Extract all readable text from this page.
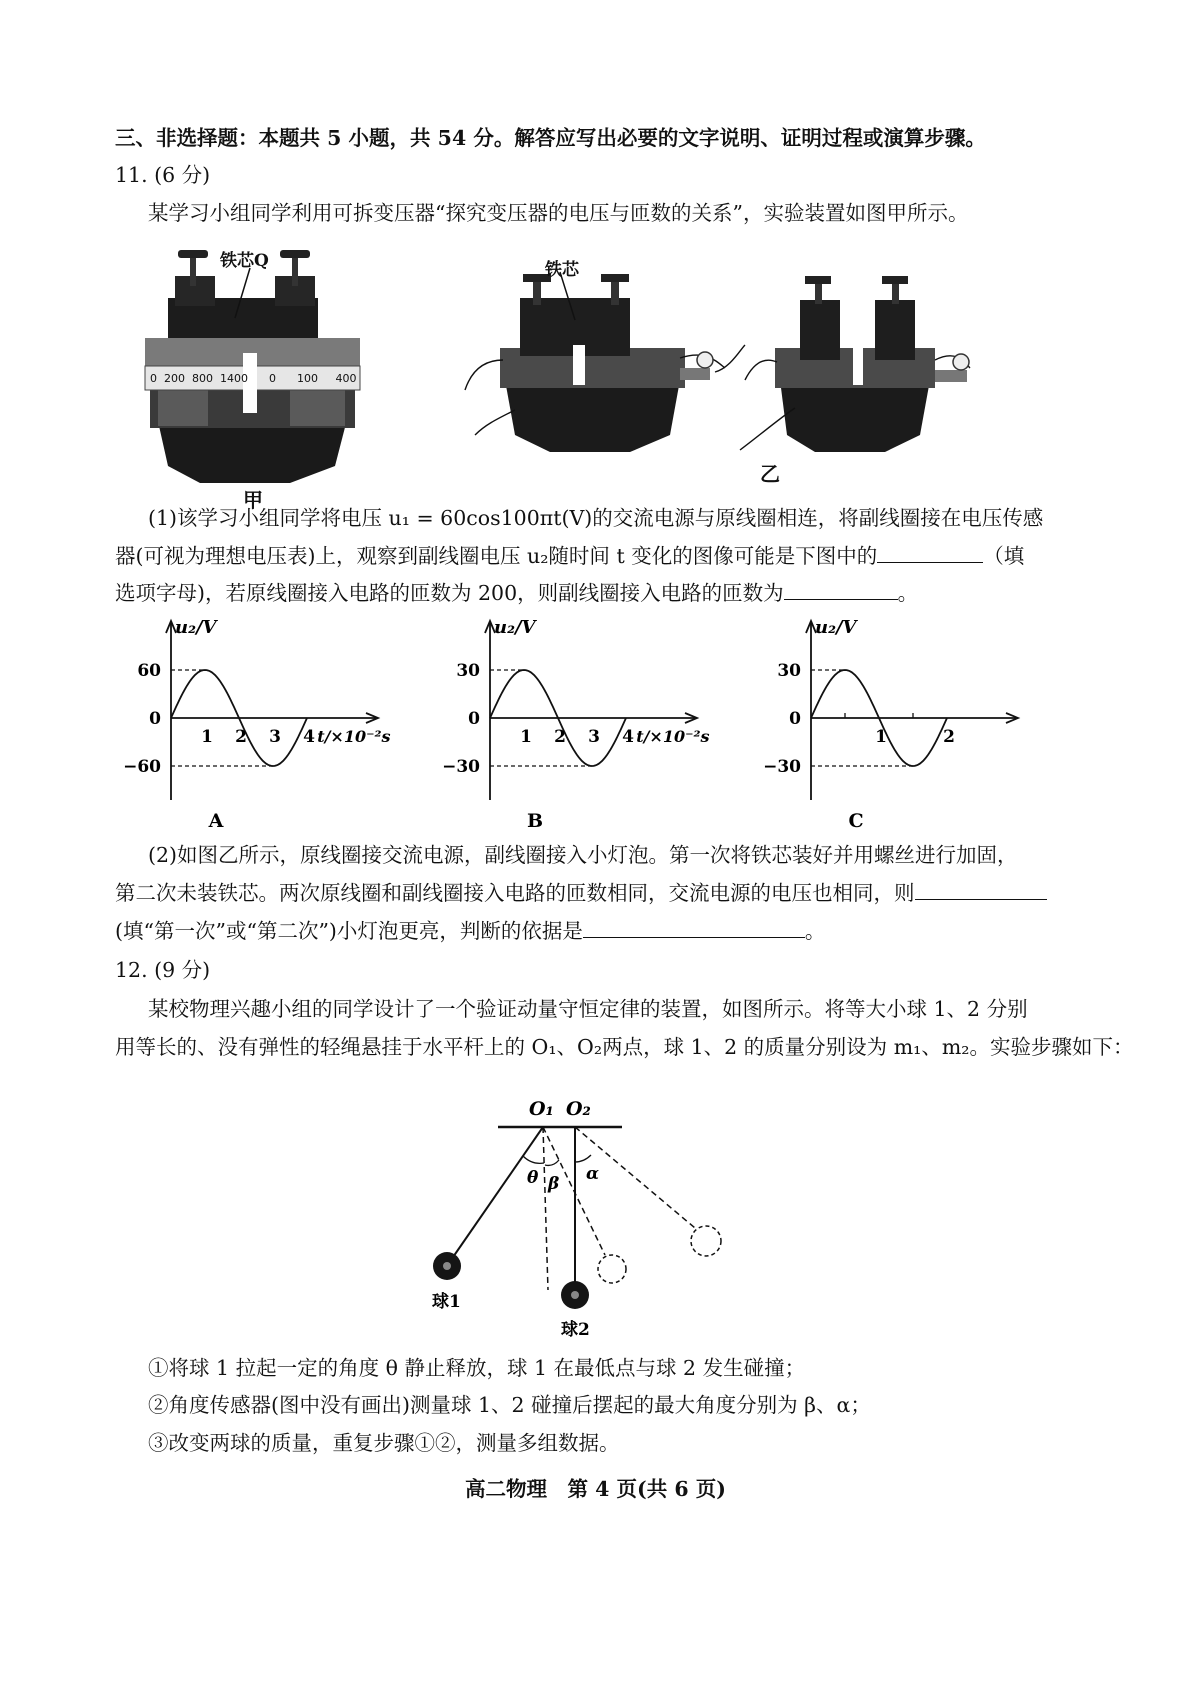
三、非选择题：本题共 5 小题，共 54 分。解答应写出必要的文字说明、证明过程或演算步骤。
11. (6 分)
某学习小组同学利用可拆变压器“探究变压器的电压与匝数的关系”，实验装置如图甲所示。
铁芯Q
0 200 800 1400 0 100 400
甲
铁芯
乙
(1)该学习小组同学将电压 u₁ = 60cos100πt(V)的交流电源与原线圈相连，将副线圈接在电压传感
器(可视为理想电压表)上，观察到副线圈电压 u₂随时间 t 变化的图像可能是下图中的	（填
选项字母)，若原线圈接入电路的匝数为 200，则副线圈接入电路的匝数为	。
60
0
−60
1 2 3 4
u₂/V
t/×10⁻²s
A
30
0
−30
1 2 3 4
u₂/V
t/×10⁻²s
B
30
0
−30
1	2
u₂/V
C
(2)如图乙所示，原线圈接交流电源，副线圈接入小灯泡。第一次将铁芯装好并用螺丝进行加固，
第二次未装铁芯。两次原线圈和副线圈接入电路的匝数相同，交流电源的电压也相同，则
(填“第一次”或“第二次”)小灯泡更亮，判断的依据是	。
12. (9 分)
某校物理兴趣小组的同学设计了一个验证动量守恒定律的装置，如图所示。将等大小球 1、2 分别
用等长的、没有弹性的轻绳悬挂于水平杆上的 O₁、O₂两点，球 1、2 的质量分别设为 m₁、m₂。实验步骤如下：
O₁ O₂
θ β α
球1
球2
①将球 1 拉起一定的角度 θ 静止释放，球 1 在最低点与球 2 发生碰撞；
②角度传感器(图中没有画出)测量球 1、2 碰撞后摆起的最大角度分别为 β、α；
③改变两球的质量，重复步骤①②，测量多组数据。
高二物理　第 4 页(共 6 页)
